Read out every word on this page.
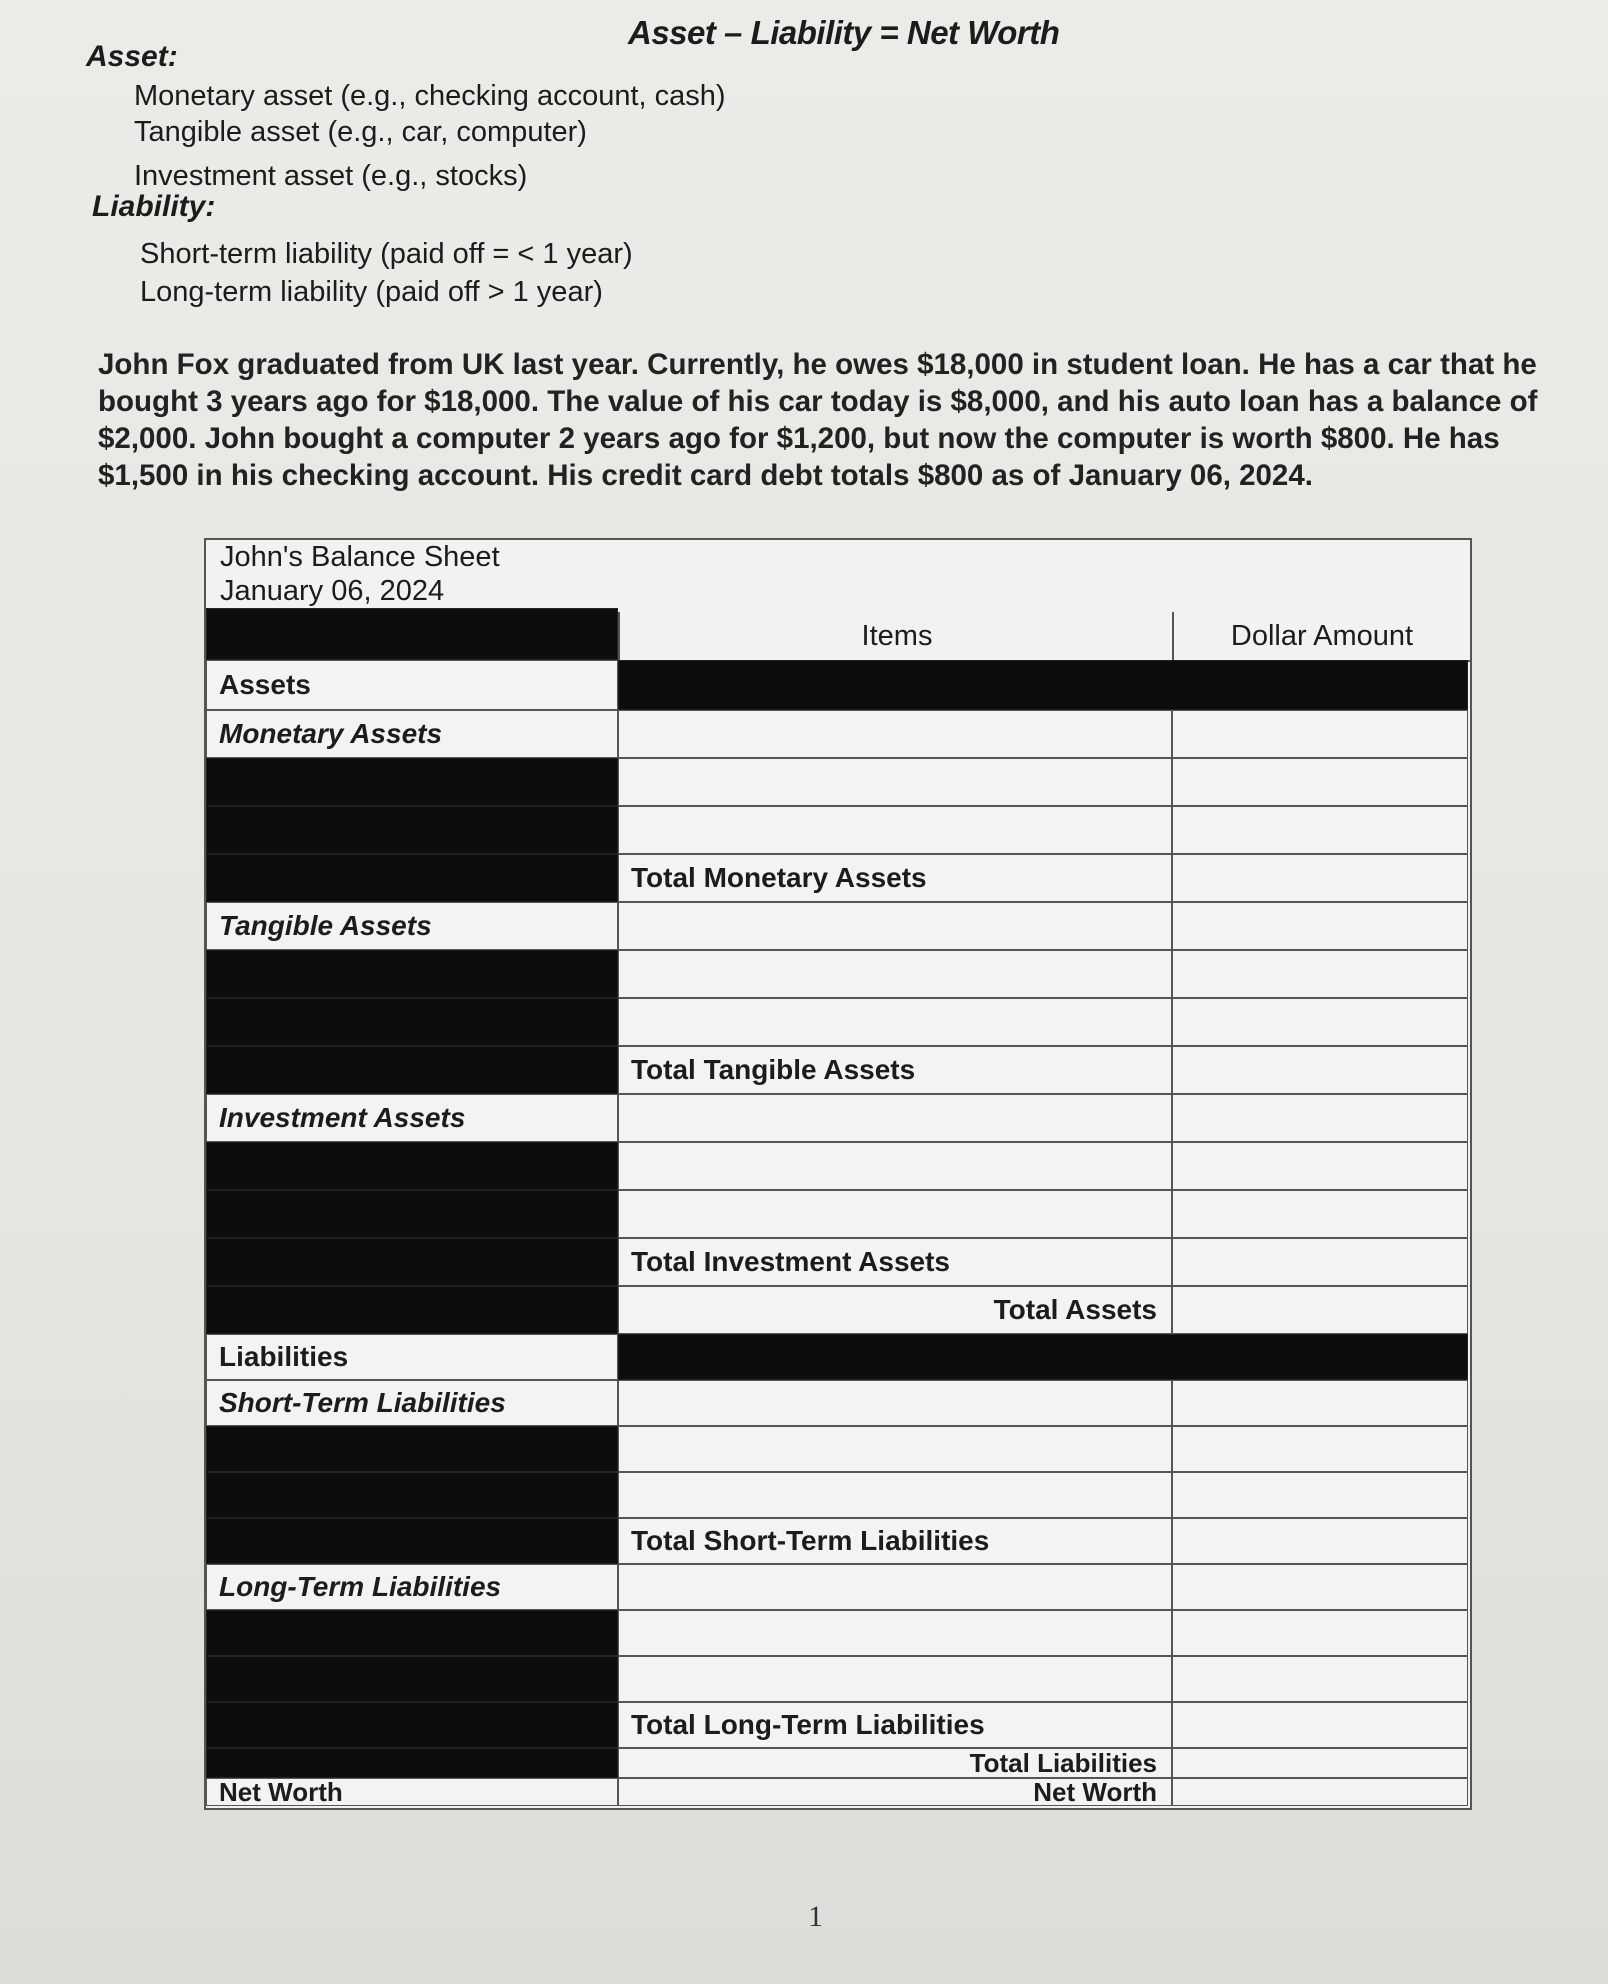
Asset – Liability = Net Worth
Asset:
Monetary asset (e.g., checking account, cash)
Tangible asset (e.g., car, computer)
Investment asset (e.g., stocks)
Liability:
Short-term liability (paid off = < 1 year)
Long-term liability (paid off > 1 year)

John Fox graduated from UK last year. Currently, he owes $18,000 in student loan. He has a car that he

bought 3 years ago for $18,000. The value of his car today is $8,000, and his auto loan has a balance of

$2,000. John bought a computer 2 years ago for $1,200, but now the computer is worth $800. He has

$1,500 in his checking account. His credit card debt totals $800 as of January 06, 2024.

John's Balance Sheet
January 06, 2024
Items	Dollar Amount
Assets
Monetary Assets
Total Monetary Assets
Tangible Assets
Total Tangible Assets
Investment Assets
Total Investment Assets
Total Assets
Liabilities
Short-Term Liabilities
Total Short-Term Liabilities
Long-Term Liabilities
Total Long-Term Liabilities
Total Liabilities
Net Worth	Net Worth
1
